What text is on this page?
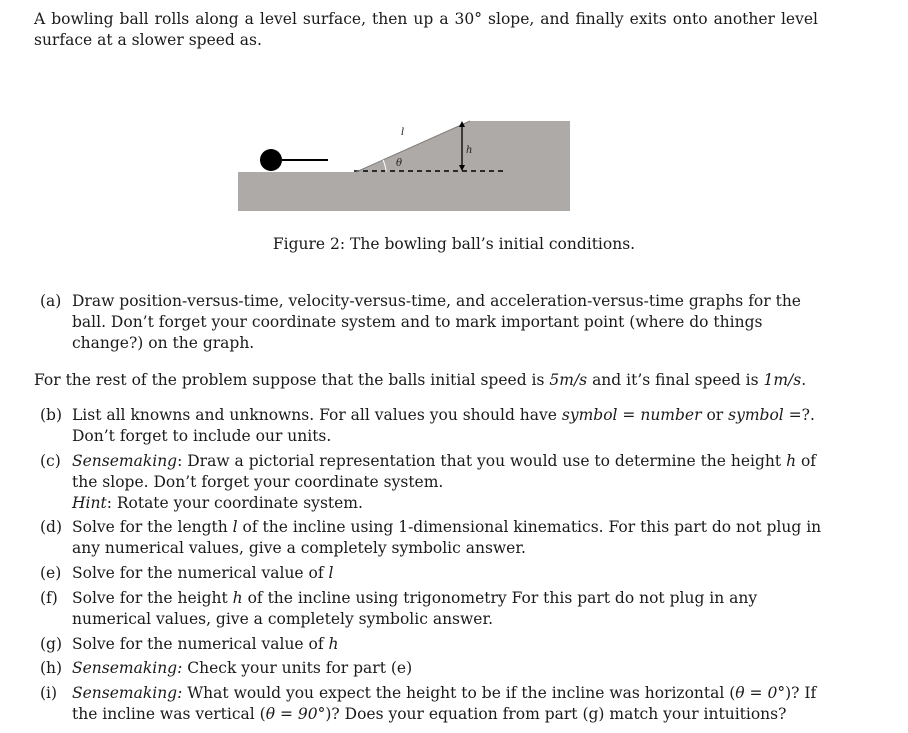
A bowling ball rolls along a level surface, then up a 30° slope, and finally exits onto another level surface at a slower speed as.
l
h
θ
Figure 2: The bowling ball’s initial conditions.
(a) Draw position-versus-time, velocity-versus-time, and acceleration-versus-time graphs for the ball. Don’t forget your coordinate system and to mark important point (where do things change?) on the graph.
For the rest of the problem suppose that the balls initial speed is 5m/s and it’s final speed is 1m/s.
(b) List all knowns and unknowns. For all values you should have symbol = number or symbol =?.
Don’t forget to include our units.
(c) Sensemaking: Draw a pictorial representation that you would use to determine the height h of the slope. Don’t forget your coordinate system.
Hint: Rotate your coordinate system.
(d) Solve for the length l of the incline using 1-dimensional kinematics. For this part do not plug in any numerical values, give a completely symbolic answer.
(e) Solve for the numerical value of l
(f) Solve for the height h of the incline using trigonometry For this part do not plug in any numerical values, give a completely symbolic answer.
(g) Solve for the numerical value of h
(h) Sensemaking: Check your units for part (e)
(i) Sensemaking: What would you expect the height to be if the incline was horizontal (θ = 0°)? If the incline was vertical (θ = 90°)? Does your equation from part (g) match your intuitions?
